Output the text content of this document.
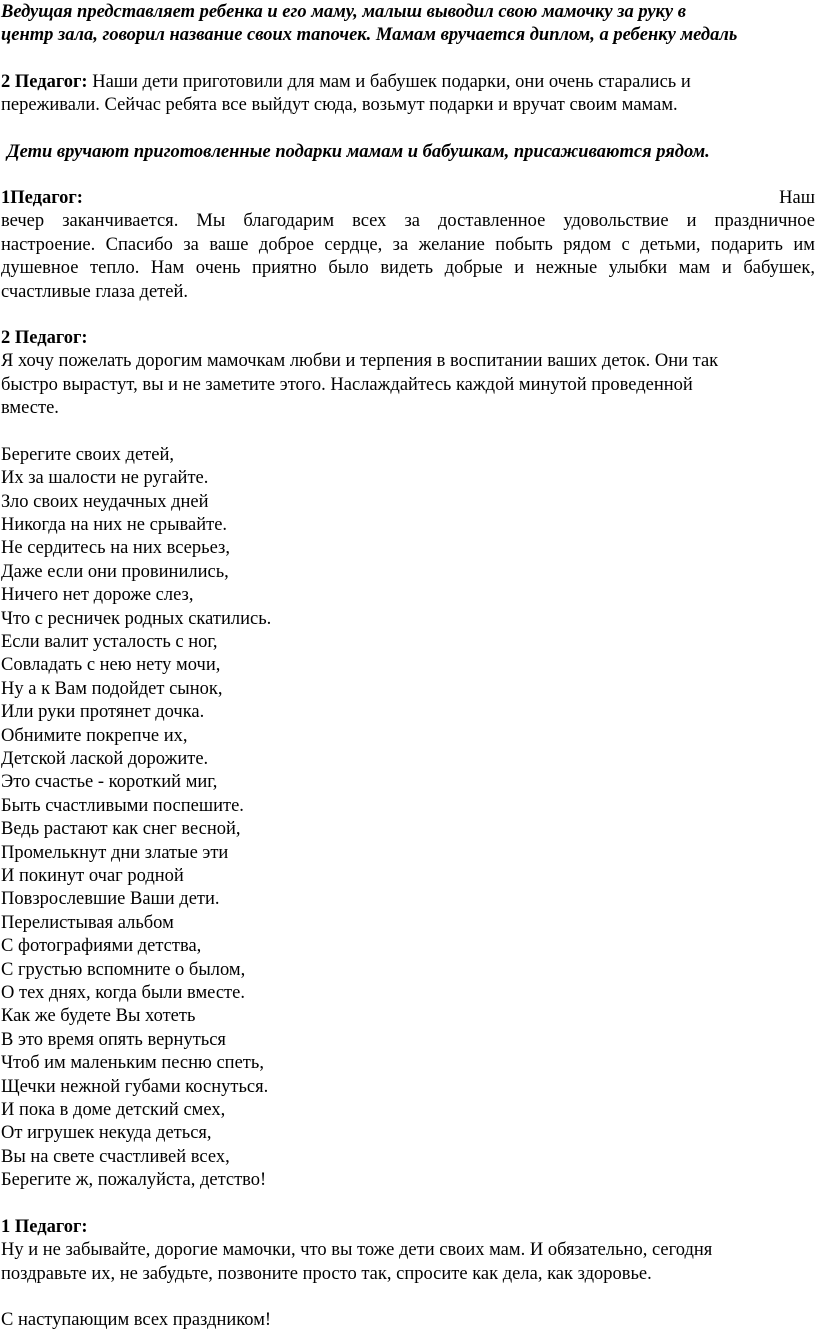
Ведущая представляет ребенка и его маму, малыш выводил свою мамочку за руку в
центр зала, говорил название своих тапочек. Мамам вручается диплом, а ребенку медаль
2 Педагог: Наши дети приготовили для мам и бабушек подарки, они очень старались и
переживали. Сейчас ребята все выйдут сюда, возьмут подарки и вручат своим мамам.
Дети вручают приготовленные подарки мамам и бабушкам, присаживаются рядом.
1Педагог:	Наш
вечер заканчивается. Мы благодарим всех за доставленное удовольствие и праздничное
настроение. Спасибо за ваше доброе сердце, за желание побыть рядом с детьми, подарить им
душевное тепло. Нам очень приятно было видеть добрые и нежные улыбки мам и бабушек,
счастливые глаза детей.
2 Педагог:
Я хочу пожелать дорогим мамочкам любви и терпения в воспитании ваших деток. Они так
быстро вырастут, вы и не заметите этого. Наслаждайтесь каждой минутой проведенной
вместе.
Берегите своих детей,
Их за шалости не ругайте.
Зло своих неудачных дней
Никогда на них не срывайте.
Не сердитесь на них всерьез,
Даже если они провинились,
Ничего нет дороже слез,
Что с ресничек родных скатились.
Если валит усталость с ног,
Совладать с нею нету мочи,
Ну а к Вам подойдет сынок,
Или руки протянет дочка.
Обнимите покрепче их,
Детской лаской дорожите.
Это счастье - короткий миг,
Быть счастливыми поспешите.
Ведь растают как снег весной,
Промелькнут дни златые эти
И покинут очаг родной
Повзрослевшие Ваши дети.
Перелистывая альбом
С фотографиями детства,
С грустью вспомните о былом,
О тех днях, когда были вместе.
Как же будете Вы хотеть
В это время опять вернуться
Чтоб им маленьким песню спеть,
Щечки нежной губами коснуться.
И пока в доме детский смех,
От игрушек некуда деться,
Вы на свете счастливей всех,
Берегите ж, пожалуйста, детство!
1 Педагог:
Ну и не забывайте, дорогие мамочки, что вы тоже дети своих мам. И обязательно, сегодня
поздравьте их, не забудьте, позвоните просто так, спросите как дела, как здоровье.
С наступающим всех праздником!
